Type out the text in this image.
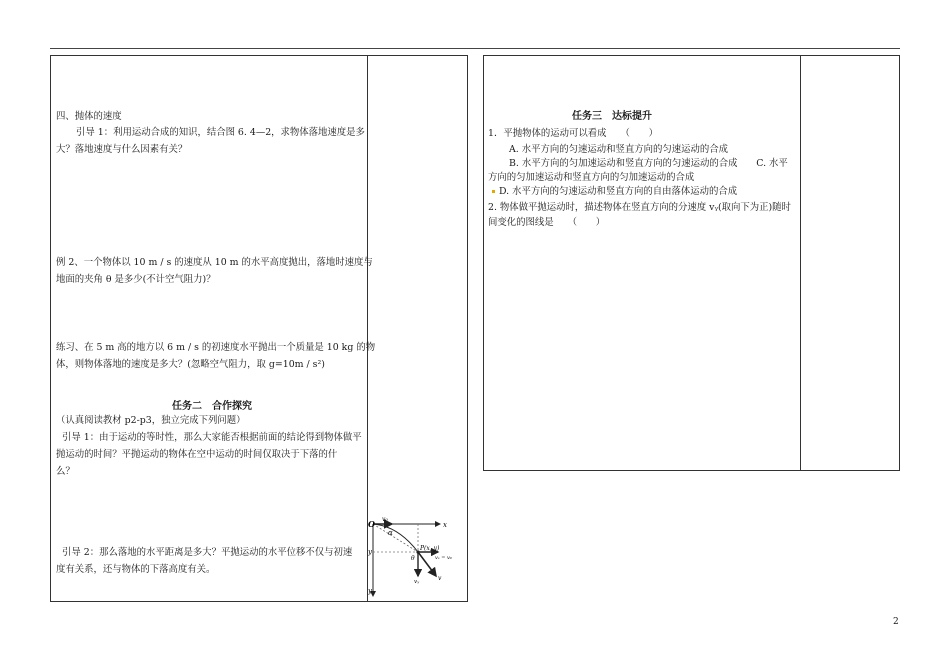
四、抛体的速度
引导 1：利用运动合成的知识，结合图 6. 4—2，求物体落地速度是多
大？落地速度与什么因素有关？
例 2、一个物体以 10 m / s 的速度从 10 m 的水平高度抛出，落地时速度与
地面的夹角 θ 是多少(不计空气阻力)？
练习、在 5 m 高的地方以 6 m / s 的初速度水平抛出一个质量是 10 kg 的物
体，则物体落地的速度是多大？(忽略空气阻力，取 g=10m / s²)
任务二　合作探究
（认真阅读教材 p2-p3，独立完成下列问题）
引导 1：由于运动的等时性，那么大家能否根据前面的结论得到物体做平
抛运动的时间？平抛运动的物体在空中运动的时间仅取决于下落的什
么？
引导 2：那么落地的水平距离是多大？平抛运动的水平位移不仅与初速
度有关系，还与物体的下落高度有关。
O v₀
x
y
y
α
P(x, y)
θ	vₓ = v₀
vᵧ	v
任务三　达标提升
1．平抛物体的运动可以看成　　（　　）
A. 水平方向的匀速运动和竖直方向的匀速运动的合成
B. 水平方向的匀加速运动和竖直方向的匀速运动的合成　　C. 水平
方向的匀加速运动和竖直方向的匀加速运动的合成
D. 水平方向的匀速运动和竖直方向的自由落体运动的合成
2. 物体做平抛运动时，描述物体在竖直方向的分速度 vᵧ(取向下为正)随时
间变化的图线是　　（　　）
2
